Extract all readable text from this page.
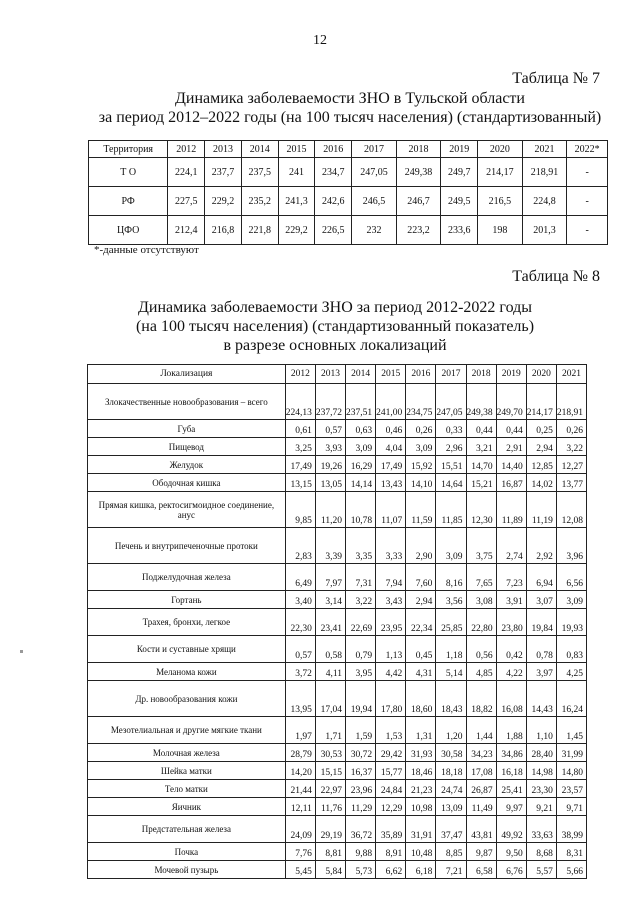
12
Таблица № 7
Динамика заболеваемости ЗНО в Тульской области
за период 2012–2022 годы (на 100 тысяч населения) (стандартизованный)
Территория	2012	2013	2014	2015	2016	2017	2018	2019	2020	2021	2022*
Т О	224,1	237,7	237,5	241	234,7	247,05	249,38	249,7	214,17	218,91	-
РФ	227,5	229,2	235,2	241,3	242,6	246,5	246,7	249,5	216,5	224,8	-
ЦФО	212,4	216,8	221,8	229,2	226,5	232	223,2	233,6	198	201,3	-
*-данные отсутствуют
Таблица № 8
Динамика заболеваемости ЗНО за период 2012-2022 годы
(на 100 тысяч населения) (стандартизованный показатель)
в разрезе основных локализаций
Локализация	2012	2013	2014	2015	2016	2017	2018	2019	2020	2021
Злокачественные новообразования – всего	224,13	237,72	237,51	241,00	234,75	247,05	249,38	249,70	214,17	218,91
Губа	0,61	0,57	0,63	0,46	0,26	0,33	0,44	0,44	0,25	0,26
Пищевод	3,25	3,93	3,09	4,04	3,09	2,96	3,21	2,91	2,94	3,22
Желудок	17,49	19,26	16,29	17,49	15,92	15,51	14,70	14,40	12,85	12,27
Ободочная кишка	13,15	13,05	14,14	13,43	14,10	14,64	15,21	16,87	14,02	13,77
Прямая кишка, ректосигмоидное соединение, анус	9,85	11,20	10,78	11,07	11,59	11,85	12,30	11,89	11,19	12,08
Печень и внутрипеченочные протоки	2,83	3,39	3,35	3,33	2,90	3,09	3,75	2,74	2,92	3,96
Поджелудочная железа	6,49	7,97	7,31	7,94	7,60	8,16	7,65	7,23	6,94	6,56
Гортань	3,40	3,14	3,22	3,43	2,94	3,56	3,08	3,91	3,07	3,09
Трахея, бронхи, легкое	22,30	23,41	22,69	23,95	22,34	25,85	22,80	23,80	19,84	19,93
Кости и суставные хрящи	0,57	0,58	0,79	1,13	0,45	1,18	0,56	0,42	0,78	0,83
Меланома кожи	3,72	4,11	3,95	4,42	4,31	5,14	4,85	4,22	3,97	4,25
Др. новообразования кожи	13,95	17,04	19,94	17,80	18,60	18,43	18,82	16,08	14,43	16,24
Мезотелиальная и другие мягкие ткани	1,97	1,71	1,59	1,53	1,31	1,20	1,44	1,88	1,10	1,45
Молочная железа	28,79	30,53	30,72	29,42	31,93	30,58	34,23	34,86	28,40	31,99
Шейка матки	14,20	15,15	16,37	15,77	18,46	18,18	17,08	16,18	14,98	14,80
Тело матки	21,44	22,97	23,96	24,84	21,23	24,74	26,87	25,41	23,30	23,57
Яичник	12,11	11,76	11,29	12,29	10,98	13,09	11,49	9,97	9,21	9,71
Предстательная железа	24,09	29,19	36,72	35,89	31,91	37,47	43,81	49,92	33,63	38,99
Почка	7,76	8,81	9,88	8,91	10,48	8,85	9,87	9,50	8,68	8,31
Мочевой пузырь	5,45	5,84	5,73	6,62	6,18	7,21	6,58	6,76	5,57	5,66
